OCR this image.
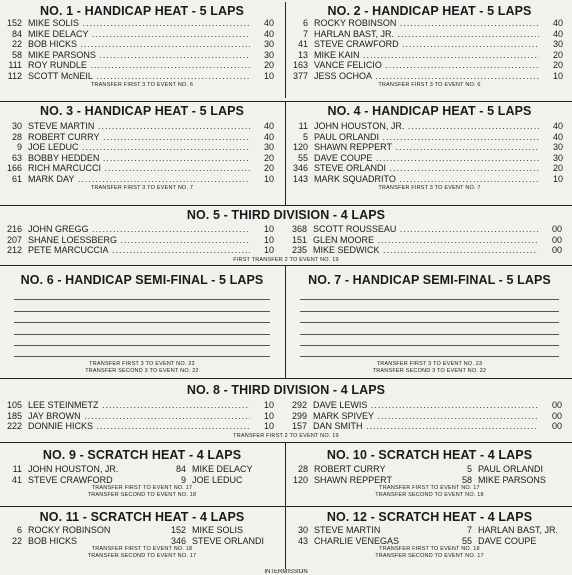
NO. 1 - HANDICAP HEAT - 5 LAPS
152 MIKE SOLIS .....	40
84 MIKE DELACY .....	40
22 BOB HICKS .....	30
58 MIKE PARSONS .....	30
111 ROY RUNDLE .....	20
112 SCOTT McNEIL .....	10
TRANSFER FIRST 3 TO EVENT NO. 6
NO. 2 - HANDICAP HEAT - 5 LAPS
6 ROCKY ROBINSON .....	40
7 HARLAN BAST, JR. .....	40
41 STEVE CRAWFORD .....	30
13 MIKE KAIN .....	20
163 VANCE FELICIO .....	20
377 JESS OCHOA .....	10
TRANSFER FIRST 3 TO EVENT NO. 6
NO. 3 - HANDICAP HEAT - 5 LAPS
30 STEVE MARTIN .....	40
28 ROBERT CURRY .....	40
9 JOE LEDUC .....	30
63 BOBBY HEDDEN .....	20
166 RICH MARCUCCI .....	20
61 MARK DAY .....	10
TRANSFER FIRST 3 TO EVENT NO. 7
NO. 4 - HANDICAP HEAT - 5 LAPS
11 JOHN HOUSTON, JR. .....	40
5 PAUL ORLANDI .....	40
120 SHAWN REPPERT .....	30
55 DAVE COUPE .....	30
346 STEVE ORLANDI .....	20
143 MARK SQUADRITO .....	10
TRANSFER FIRST 3 TO EVENT NO. 7
NO. 5 - THIRD DIVISION - 4 LAPS
216 JOHN GREGG .....	10
207 SHANE LOESSBERG .....	10
212 PETE MARCUCCIA .....	10
368 SCOTT ROUSSEAU .....	00
151 GLEN MOORE .....	00
235 MIKE SEDWICK .....	00
FIRST TRANSFER 2 TO EVENT NO. 19
NO. 6 - HANDICAP SEMI-FINAL - 5 LAPS
TRANSFER FIRST 3 TO EVENT NO. 23
TRANSFER SECOND 3 TO EVENT NO. 22
NO. 7 - HANDICAP SEMI-FINAL - 5 LAPS
TRANSFER FIRST 3 TO EVENT NO. 23
TRANSFER SECOND 3 TO EVENT NO. 22
NO. 8 - THIRD DIVISION - 4 LAPS
105 LEE STEINMETZ .....	10
185 JAY BROWN .....	10
222 DONNIE HICKS .....	10
292 DAVE LEWIS .....	00
299 MARK SPIVEY .....	00
157 DAN SMITH .....	00
TRANSFER FIRST 2 TO EVENT NO. 19
NO. 9 - SCRATCH HEAT - 4 LAPS
11 JOHN HOUSTON, JR.	84 MIKE DELACY
41 STEVE CRAWFORD	9 JOE LEDUC
TRANSFER FIRST TO EVENT NO. 17
TRANSFER SECOND TO EVENT NO. 18
NO. 10 - SCRATCH HEAT - 4 LAPS
28 ROBERT CURRY	5 PAUL ORLANDI
120 SHAWN REPPERT	58 MIKE PARSONS
TRANSFER FIRST TO EVENT NO. 17
TRANSFER SECOND TO EVENT NO. 18
NO. 11 - SCRATCH HEAT - 4 LAPS
6 ROCKY ROBINSON	152 MIKE SOLIS
22 BOB HICKS	346 STEVE ORLANDI
TRANSFER FIRST TO EVENT NO. 18
TRANSFER SECOND TO EVENT NO. 17
NO. 12 - SCRATCH HEAT - 4 LAPS
30 STEVE MARTIN	7 HARLAN BAST, JR.
43 CHARLIE VENEGAS	55 DAVE COUPE
TRANSFER FIRST TO EVENT NO. 18
TRANSFER SECOND TO EVENT NO. 17
INTERMISSION
